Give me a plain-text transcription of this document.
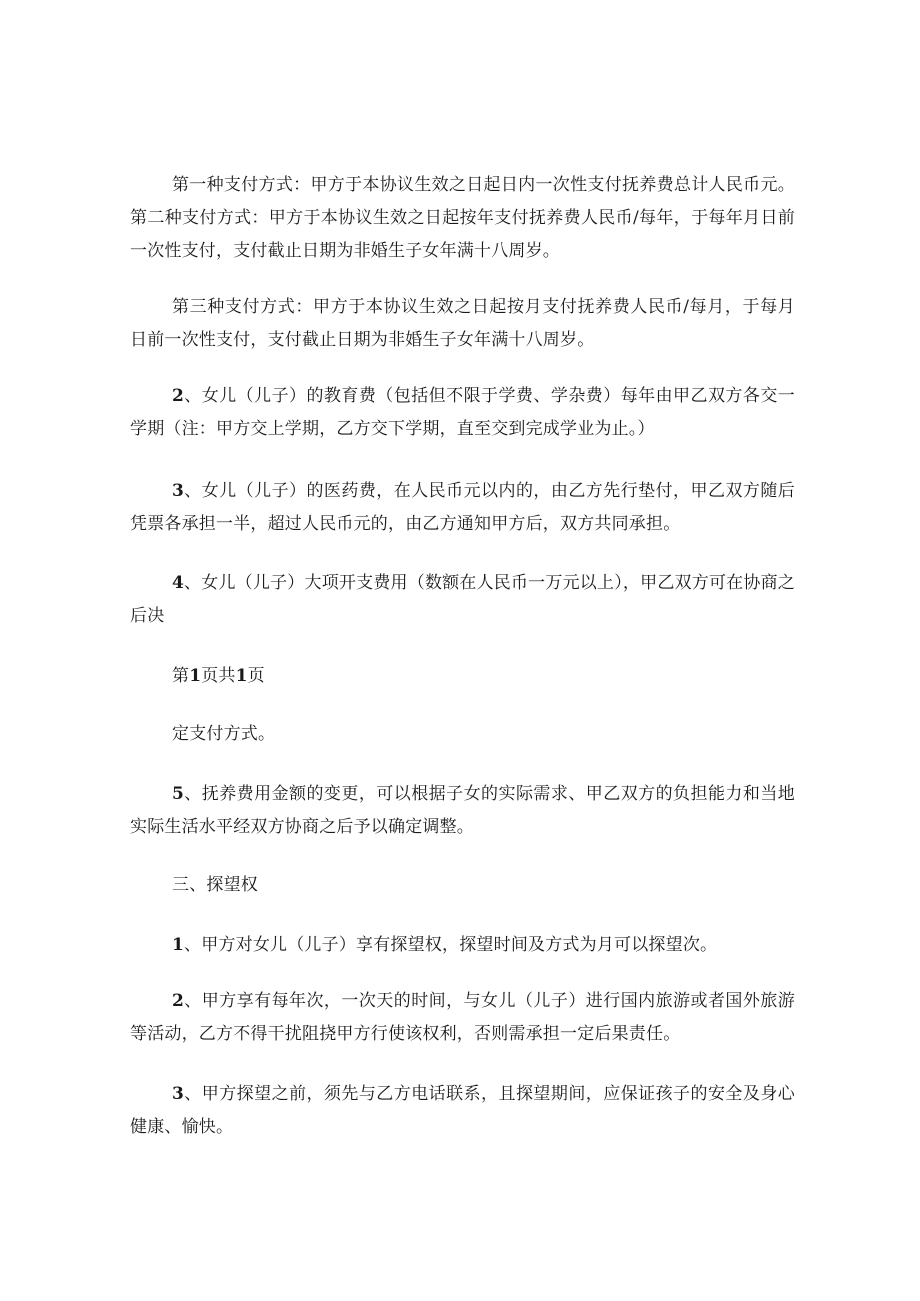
第一种支付方式：甲方于本协议生效之日起日内一次性支付抚养费总计人民币元。第二种支付方式：甲方于本协议生效之日起按年支付抚养费人民币/每年，于每年月日前一次性支付，支付截止日期为非婚生子女年满十八周岁。

第三种支付方式：甲方于本协议生效之日起按月支付抚养费人民币/每月，于每月日前一次性支付，支付截止日期为非婚生子女年满十八周岁。

2、女儿（儿子）的教育费（包括但不限于学费、学杂费）每年由甲乙双方各交一学期（注：甲方交上学期，乙方交下学期，直至交到完成学业为止。）

3、女儿（儿子）的医药费，在人民币元以内的，由乙方先行垫付，甲乙双方随后凭票各承担一半，超过人民币元的，由乙方通知甲方后，双方共同承担。

4、女儿（儿子）大项开支费用（数额在人民币一万元以上），甲乙双方可在协商之后决

第1页共1页

定支付方式。

5、抚养费用金额的变更，可以根据子女的实际需求、甲乙双方的负担能力和当地实际生活水平经双方协商之后予以确定调整。

三、探望权

1、甲方对女儿（儿子）享有探望权，探望时间及方式为月可以探望次。

2、甲方享有每年次，一次天的时间，与女儿（儿子）进行国内旅游或者国外旅游等活动，乙方不得干扰阻挠甲方行使该权利，否则需承担一定后果责任。

3、甲方探望之前，须先与乙方电话联系，且探望期间，应保证孩子的安全及身心健康、愉快。
